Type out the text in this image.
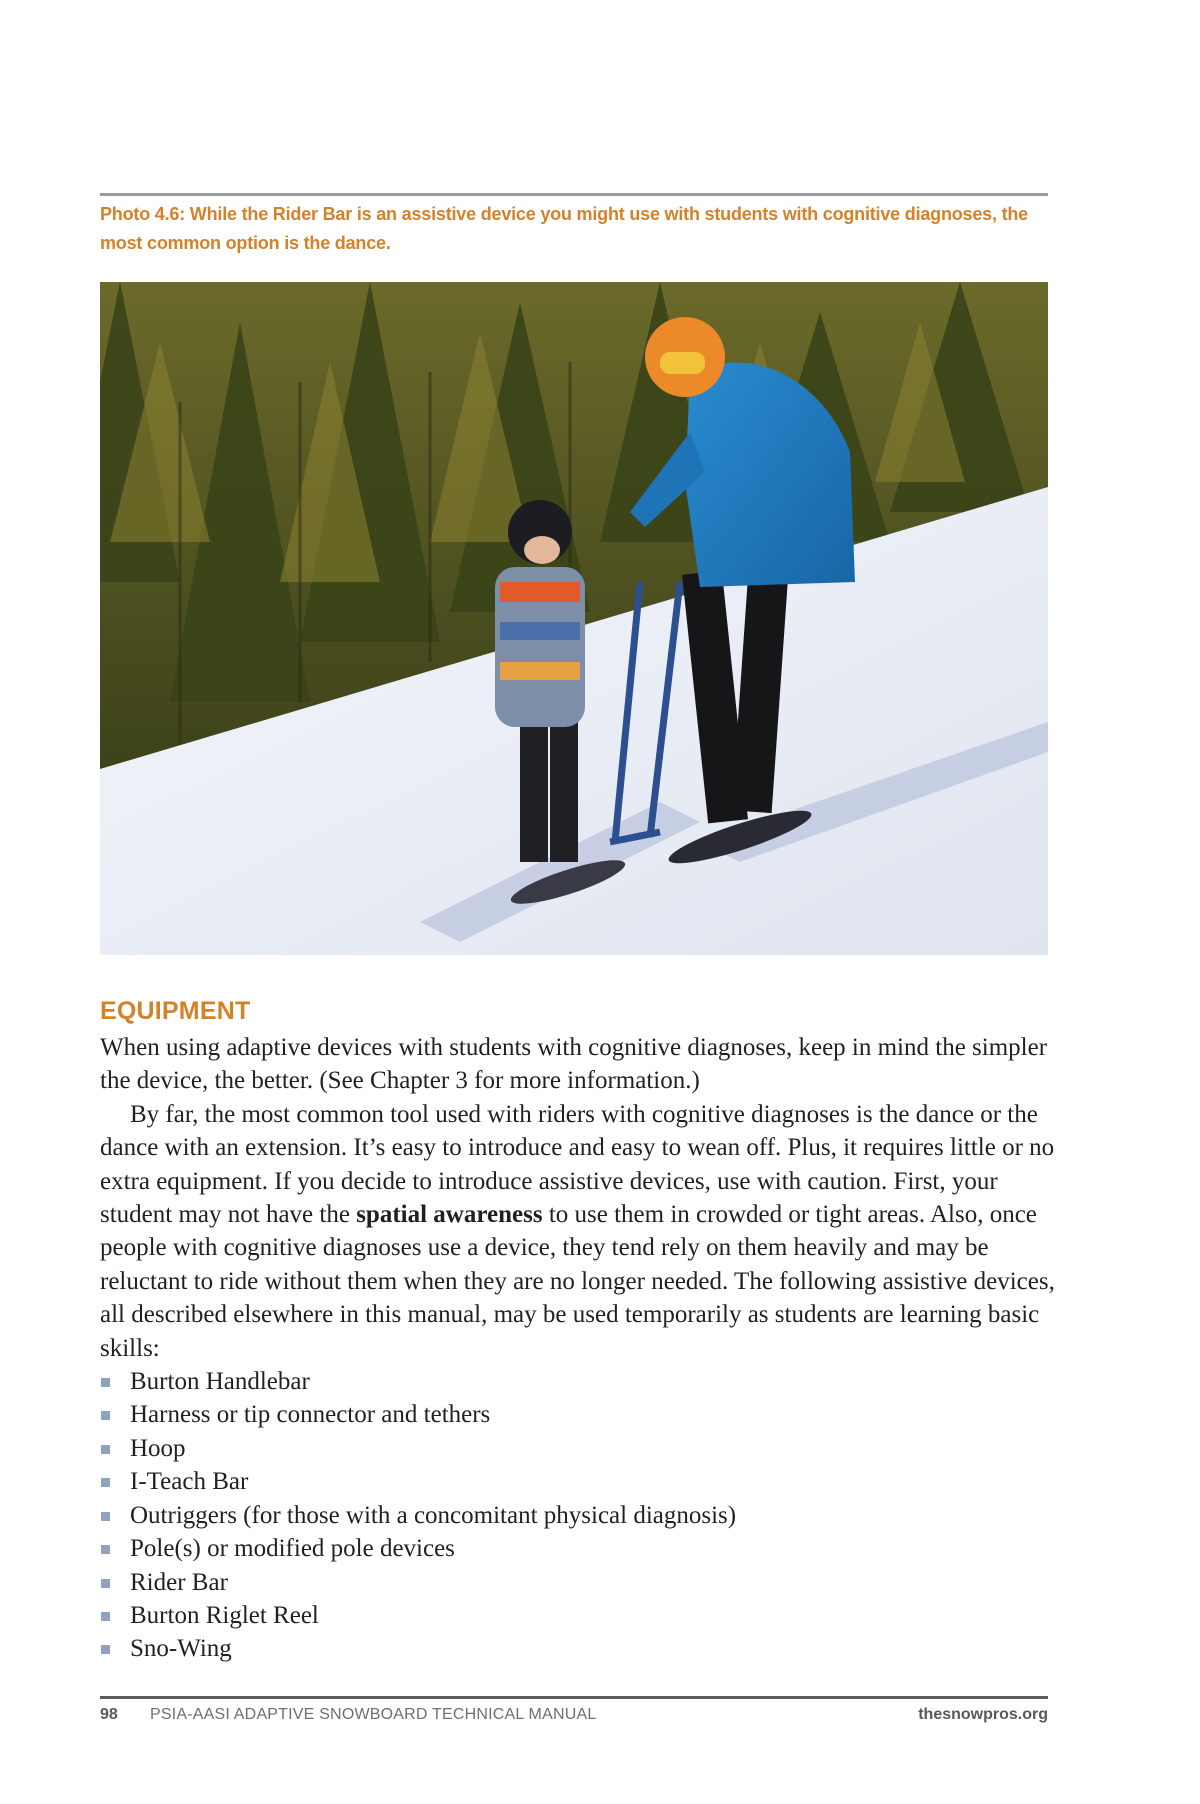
Photo 4.6: While the Rider Bar is an assistive device you might use with students with cognitive diagnoses, the most common option is the dance.
EQUIPMENT

When using adaptive devices with students with cognitive diagnoses, keep in mind the simpler the device, the better. (See Chapter 3 for more information.)

By far, the most common tool used with riders with cognitive diagnoses is the dance or the dance with an extension. It’s easy to introduce and easy to wean off. Plus, it requires little or no extra equipment. If you decide to introduce assistive devices, use with caution. First, your student may not have the spatial awareness to use them in crowded or tight areas. Also, once people with cognitive diagnoses use a device, they tend rely on them heavily and may be reluctant to ride without them when they are no longer needed. The following assistive devices, all described elsewhere in this manual, may be used temporarily as students are learning basic skills:

Burton Handlebar
Harness or tip connector and tethers
Hoop
I-Teach Bar
Outriggers (for those with a concomitant physical diagnosis)
Pole(s) or modified pole devices
Rider Bar
Burton Riglet Reel
Sno-Wing
98 PSIA-AASI ADAPTIVE SNOWBOARD TECHNICAL MANUAL	thesnowpros.org
